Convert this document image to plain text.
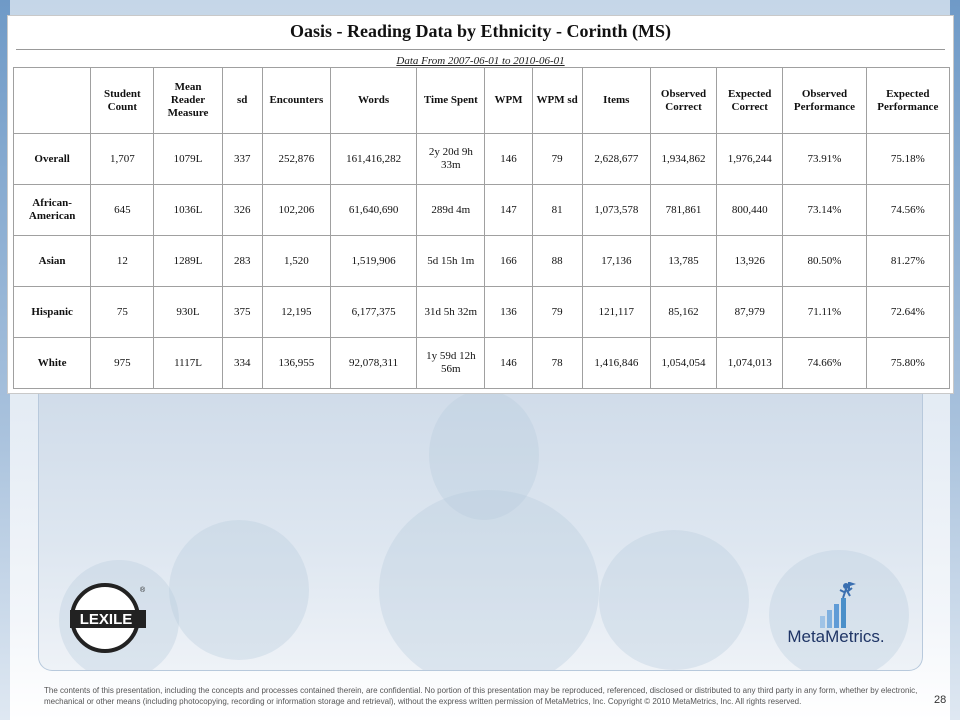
Oasis - Reading Data by Ethnicity - Corinth (MS)
Data From 2007-06-01 to 2010-06-01
	Student Count	Mean Reader Measure	sd	Encounters	Words	Time Spent	WPM	WPM sd	Items	Observed Correct	Expected Correct	Observed Performance	Expected Performance
Overall	1,707	1079L	337	252,876	161,416,282	2y 20d 9h 33m	146	79	2,628,677	1,934,862	1,976,244	73.91%	75.18%
African-American	645	1036L	326	102,206	61,640,690	289d 4m	147	81	1,073,578	781,861	800,440	73.14%	74.56%
Asian	12	1289L	283	1,520	1,519,906	5d 15h 1m	166	88	17,136	13,785	13,926	80.50%	81.27%
Hispanic	75	930L	375	12,195	6,177,375	31d 5h 32m	136	79	121,117	85,162	87,979	71.11%	72.64%
White	975	1117L	334	136,955	92,078,311	1y 59d 12h 56m	146	78	1,416,846	1,054,054	1,074,013	74.66%	75.80%
LEXILE
®
MetaMetrics.
The contents of this presentation, including the concepts and processes contained therein, are confidential. No portion of this presentation may be reproduced, referenced, disclosed or distributed to any third party in any form, whether by electronic, mechanical or other means (including photocopying, recording or information storage and retrieval), without the express written permission of MetaMetrics, Inc. Copyright © 2010 MetaMetrics, Inc. All rights reserved.	28
